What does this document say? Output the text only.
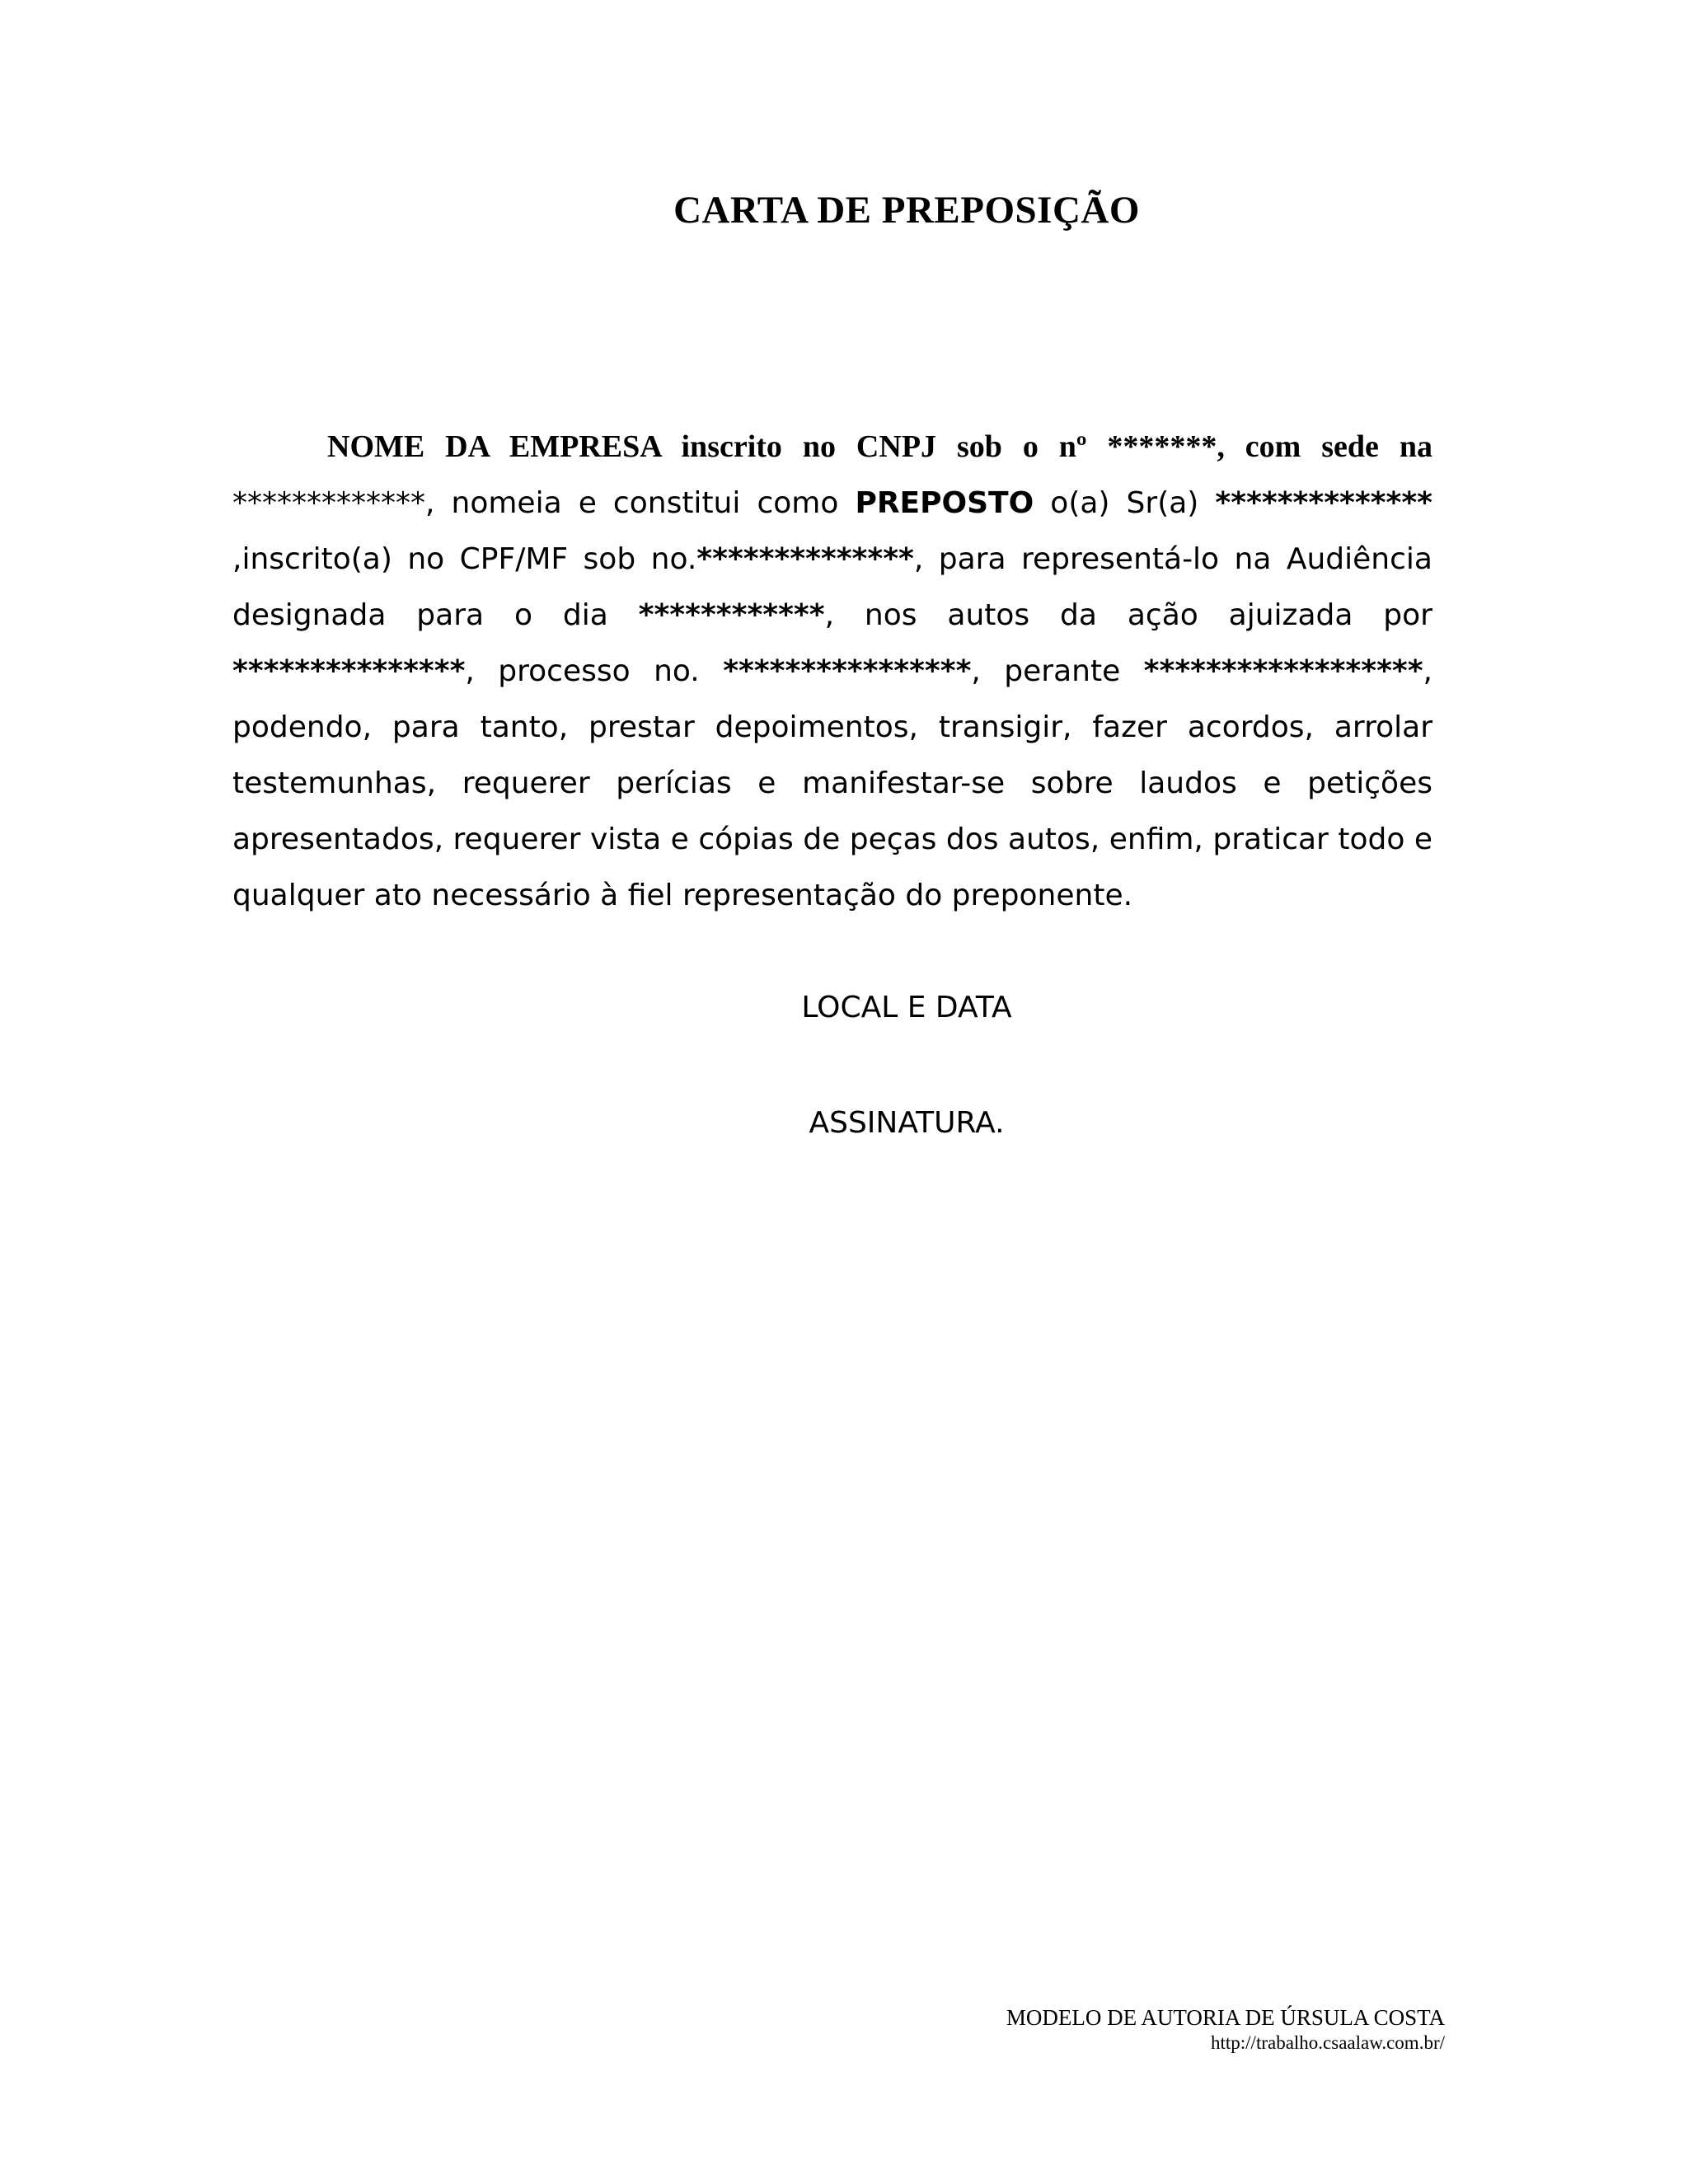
CARTA DE PREPOSIÇÃO

NOME DA EMPRESA inscrito no CNPJ sob o nº *******, com sede na *************, nomeia e constitui como PREPOSTO o(a) Sr(a) ************** ,inscrito(a) no CPF/MF sob no.**************, para representá-lo na Audiência designada para o dia ************, nos autos da ação ajuizada por ***************, processo no. ****************, perante ******************, podendo, para tanto, prestar depoimentos, transigir, fazer acordos, arrolar testemunhas, requerer perícias e manifestar-se sobre laudos e petições apresentados, requerer vista e cópias de peças dos autos, enfim, praticar todo e qualquer ato necessário à fiel representação do preponente.

LOCAL E DATA

ASSINATURA.

MODELO DE AUTORIA DE ÚRSULA COSTA
http://trabalho.csaalaw.com.br/
